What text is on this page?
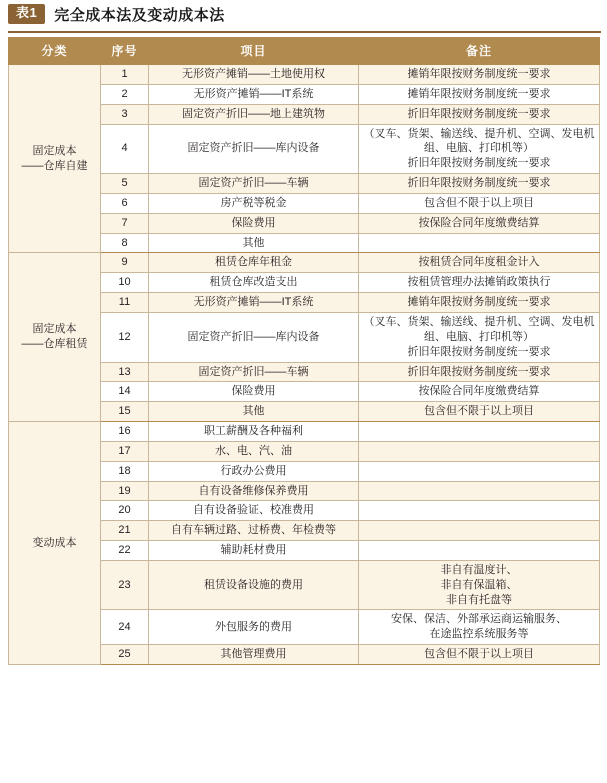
表1	完全成本法及变动成本法
分类	序号	项目	备注

固定成本
——仓库自建	1	无形资产摊销——土地使用权	摊销年限按财务制度统一要求

	2	无形资产摊销——IT系统	摊销年限按财务制度统一要求

	3	固定资产折旧——地上建筑物	折旧年限按财务制度统一要求

	4	固定资产折旧——库内设备	（叉车、货架、输送线、提升机、空调、发电机组、电脑、打印机等）
折旧年限按财务制度统一要求

	5	固定资产折旧——车辆	折旧年限按财务制度统一要求

	6	房产税等税金	包含但不限于以上项目

	7	保险费用	按保险合同年度缴费结算

	8	其他	

固定成本
——仓库租赁	9	租赁仓库年租金	按租赁合同年度租金计入

	10	租赁仓库改造支出	按租赁管理办法摊销政策执行

	11	无形资产摊销——IT系统	摊销年限按财务制度统一要求

	12	固定资产折旧——库内设备	（叉车、货架、输送线、提升机、空调、发电机组、电脑、打印机等）
折旧年限按财务制度统一要求

	13	固定资产折旧——车辆	折旧年限按财务制度统一要求

	14	保险费用	按保险合同年度缴费结算

	15	其他	包含但不限于以上项目

变动成本	16	职工薪酬及各种福利	
	17	水、电、汽、油	
	18	行政办公费用	
	19	自有设备维修保养费用	
	20	自有设备验证、校准费用	
	21	自有车辆过路、过桥费、年检费等	
	22	辅助耗材费用	
	23	租赁设备设施的费用	非自有温度计、
非自有保温箱、
非自有托盘等

	24	外包服务的费用	安保、保洁、外部承运商运输服务、
在途监控系统服务等

	25	其他管理费用	包含但不限于以上项目
